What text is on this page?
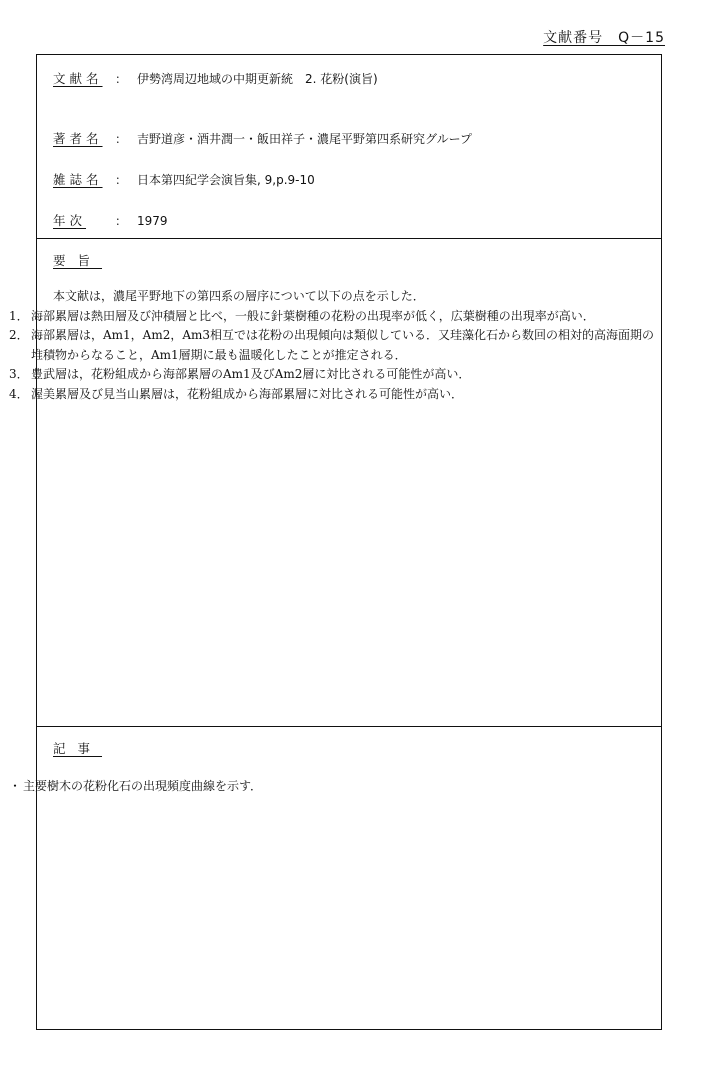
文献番号　Q－15
文献名	： 伊勢湾周辺地域の中期更新統　2. 花粉(演旨)
著者名	： 吉野道彦・酒井潤一・飯田祥子・濃尾平野第四系研究グループ
雑誌名	： 日本第四紀学会演旨集, 9,p.9-10
年次	： 1979
要旨

本文献は，濃尾平野地下の第四系の層序について以下の点を示した．

1． 海部累層は熱田層及び沖積層と比べ，一般に針葉樹種の花粉の出現率が低く，広葉樹種の出現率が高い．
2． 海部累層は，Am1，Am2，Am3相互では花粉の出現傾向は類似している．又珪藻化石から数回の相対的高海面期の堆積物からなること，Am1層期に最も温暖化したことが推定される．
3． 豊武層は，花粉組成から海部累層のAm1及びAm2層に対比される可能性が高い．
4． 渥美累層及び見当山累層は，花粉組成から海部累層に対比される可能性が高い．
記事
・ 主要樹木の花粉化石の出現頻度曲線を示す．
